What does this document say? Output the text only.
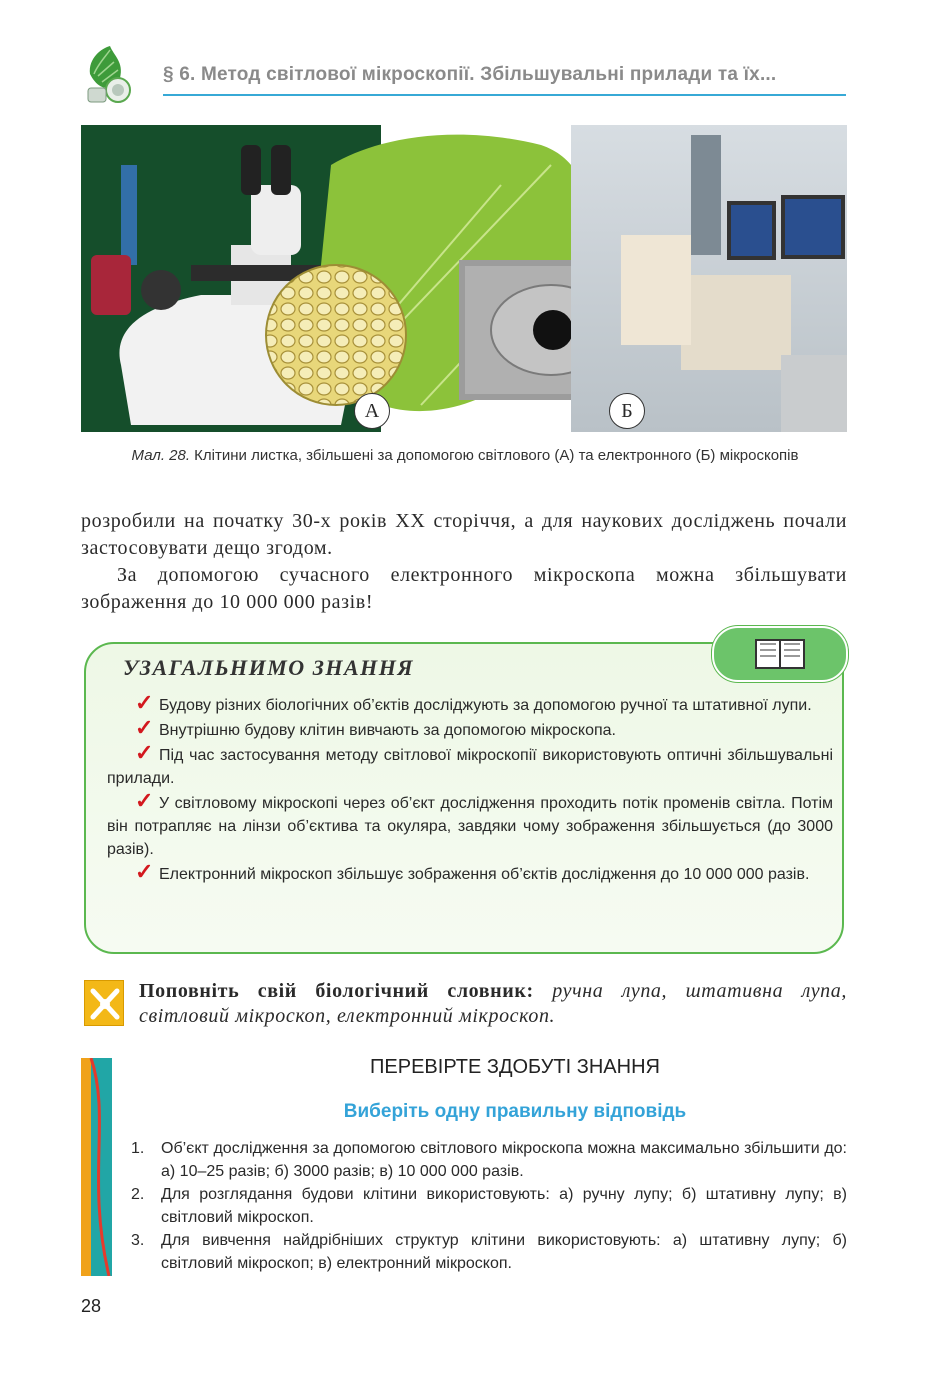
§ 6. Метод світлової мікроскопії. Збільшувальні прилади та їх...
А	Б
Мал. 28. Клітини листка, збільшені за допомогою світлового (А) та електронного (Б) мікроскопів

розробили на початку 30-х років XX сторіччя, а для наукових досліджень почали застосовувати дещо згодом.

За допомогою сучасного електронного мікроскопа можна збільшувати зображення до 10 000 000 разів!

УЗАГАЛЬНИМО ЗНАННЯ
✓ Будову різних біологічних об’єктів досліджують за допомогою ручної та штативної лупи.
✓ Внутрішню будову клітин вивчають за допомогою мікроскопа.
✓ Під час застосування методу світлової мікроскопії використовують оптичні збільшувальні прилади.
✓ У світловому мікроскопі через об’єкт дослідження проходить потік променів світла. Потім він потрапляє на лінзи об’єктива та окуляра, завдяки чому зображення збільшується (до 3000 разів).
✓ Електронний мікроскоп збільшує зображення об’єктів дослідження до 10 000 000 разів.
Поповніть свій біологічний словник: ручна лупа, штативна лупа, світловий мікроскоп, електронний мікроскоп.
ПЕРЕВІРТЕ ЗДОБУТІ ЗНАННЯ
Виберіть одну правильну відповідь
1. Об’єкт дослідження за допомогою світлового мікроскопа можна максимально збільшити до: а) 10–25 разів; б) 3000 разів; в) 10 000 000 разів.
2. Для розглядання будови клітини використовують: а) ручну лупу; б) штативну лупу; в) світловий мікроскоп.
3. Для вивчення найдрібніших структур клітини використовують: а) штативну лупу; б) світловий мікроскоп; в) електронний мікроскоп.
28
